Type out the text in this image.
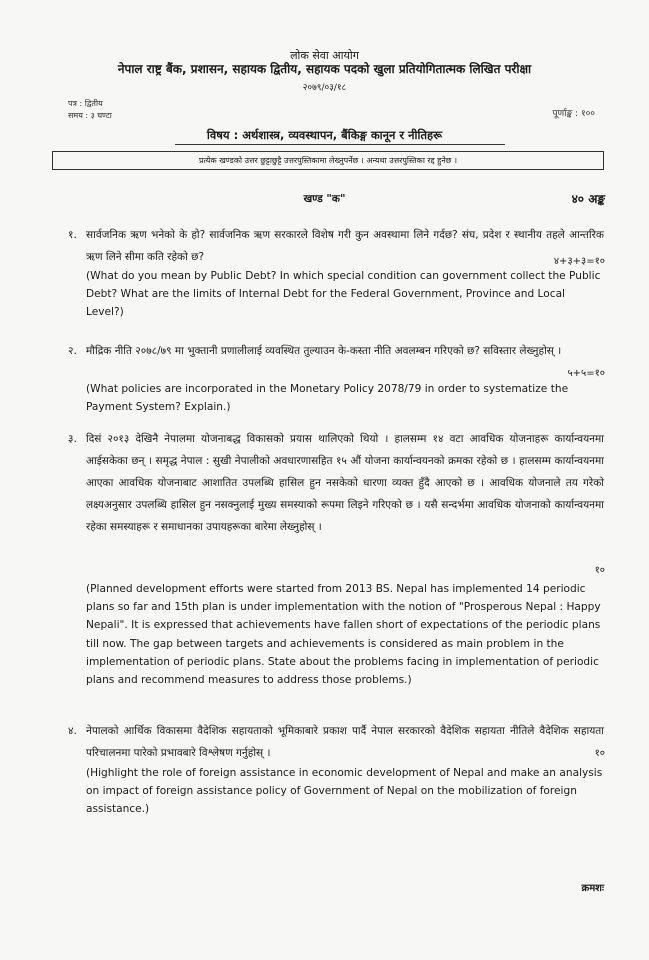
लोक सेवा आयोग
नेपाल राष्ट्र बैंक, प्रशासन, सहायक द्वितीय, सहायक पदको खुला प्रतियोगितात्मक लिखित परीक्षा
२०७९/०३/१८
पत्र : द्वितीय
समय : ३ घण्टा	पूर्णाङ्क : १००
विषय : अर्थशास्त्र, व्यवस्थापन, बैंकिङ्ग कानून र नीतिहरू
प्रत्येक खण्डको उत्तर छुट्टाछुट्टै उत्तरपुस्तिकामा लेख्नुपर्नेछ । अन्यथा उत्तरपुस्तिका रद्द हुनेछ ।
खण्ड "क"	४० अङ्क
१. सार्वजनिक ऋण भनेको के हो? सार्वजनिक ऋण सरकारले विशेष गरी कुन अवस्थामा लिने गर्दछ? संघ, प्रदेश र स्थानीय तहले आन्तरिक ऋण लिने सीमा कति रहेको छ?	४+३+३=१०
(What do you mean by Public Debt? In which special condition can government collect the Public Debt? What are the limits of Internal Debt for the Federal Government, Province and Local Level?)
२. मौद्रिक नीति २०७८/७९ मा भुक्तानी प्रणालीलाई व्यवस्थित तुल्याउन के-कस्ता नीति अवलम्बन गरिएको छ? सविस्तार लेख्नुहोस् ।
५+५=१०
(What policies are incorporated in the Monetary Policy 2078/79 in order to systematize the Payment System? Explain.)
३. दिसं २०१३ देखिनै नेपालमा योजनाबद्ध विकासको प्रयास थालिएको थियो । हालसम्म १४ वटा आवधिक योजनाहरू कार्यान्वयनमा आईसकेका छन् । समृद्ध नेपाल : सुखी नेपालीको अवधारणासहित १५ औं योजना कार्यान्वयनको क्रमका रहेको छ । हालसम्म कार्यान्वयनमा आएका आवधिक योजनाबाट आशातित उपलब्धि हासिल हुन नसकेको धारणा व्यक्त हुँदै आएको छ । आवधिक योजनाले तय गरेको लक्ष्यअनुसार उपलब्धि हासिल हुन नसक्नुलाई मुख्य समस्याको रूपमा लिइने गरिएको छ । यसै सन्दर्भमा आवधिक योजनाको कार्यान्वयनमा रहेका समस्याहरू र समाधानका उपायहरूका बारेमा लेख्नुहोस् ।
१०
(Planned development efforts were started from 2013 BS. Nepal has implemented 14 periodic plans so far and 15th plan is under implementation with the notion of "Prosperous Nepal : Happy Nepali". It is expressed that achievements have fallen short of expectations of the periodic plans till now. The gap between targets and achievements is considered as main problem in the implementation of periodic plans. State about the problems facing in implementation of periodic plans and recommend measures to address those problems.)
४. नेपालको आर्थिक विकासमा वैदेशिक सहायताको भूमिकाबारे प्रकाश पार्दै नेपाल सरकारको वैदेशिक सहायता नीतिले वैदेशिक सहायता परिचालनमा पारेको प्रभावबारे विश्लेषण गर्नुहोस् ।	१०
(Highlight the role of foreign assistance in economic development of Nepal and make an analysis on impact of foreign assistance policy of Government of Nepal on the mobilization of foreign assistance.)
क्रमशः
